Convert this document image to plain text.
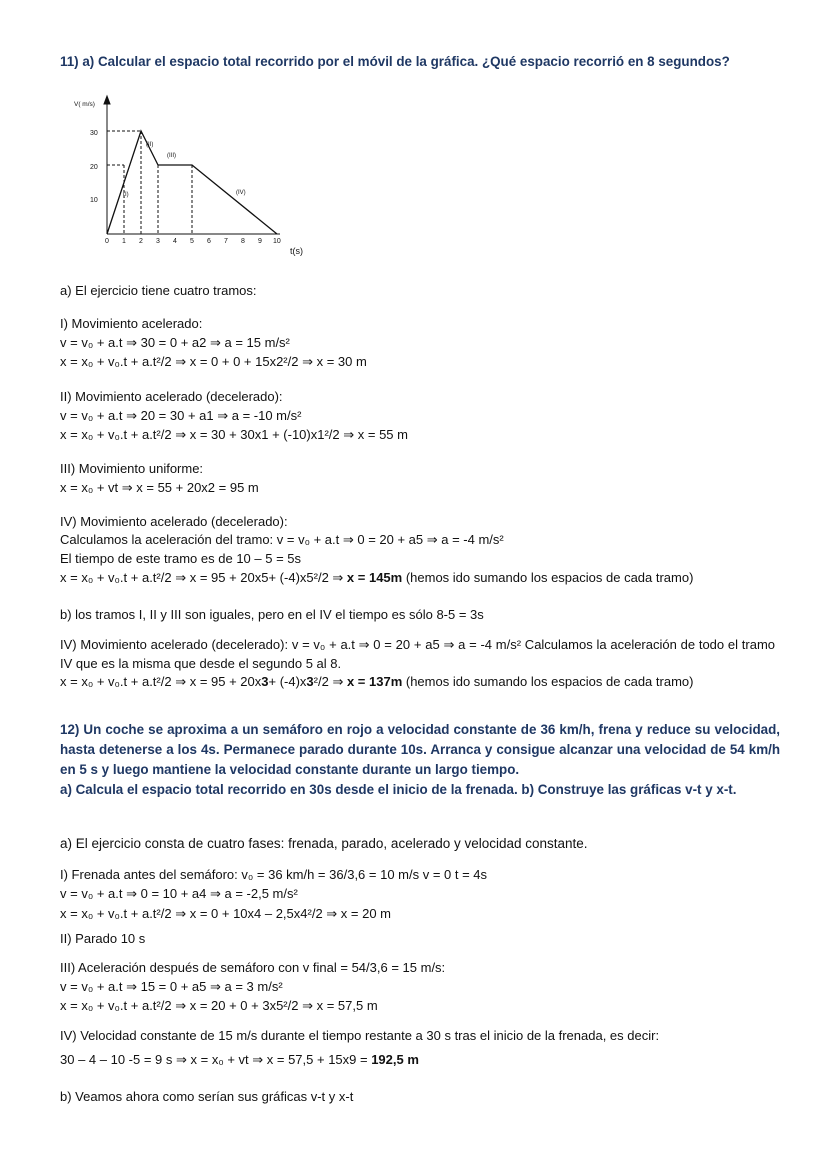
11) a) Calcular el espacio total recorrido por el móvil de la gráfica. ¿Qué espacio recorrió en 8 segundos?
30
20
10
V( m/s)
0 1 2 3 4 5 6 7 8 9 10
t(s)
(I)
(II)
(III)
(IV)
a) El ejercicio tiene cuatro tramos:
I) Movimiento acelerado:
v = v₀ + a.t ⇒ 30 = 0 + a2 ⇒ a = 15 m/s²
x = x₀ + v₀.t + a.t²/2 ⇒ x = 0 + 0 + 15x2²/2 ⇒ x = 30 m
II) Movimiento acelerado (decelerado):
v = v₀ + a.t ⇒ 20 = 30 + a1 ⇒ a = -10 m/s²
x = x₀ + v₀.t + a.t²/2 ⇒ x = 30 + 30x1 + (-10)x1²/2 ⇒ x = 55 m
III) Movimiento uniforme:
x = x₀ + vt ⇒ x = 55 + 20x2 = 95 m
IV) Movimiento acelerado (decelerado):
Calculamos la aceleración del tramo: v = v₀ + a.t ⇒ 0 = 20 + a5 ⇒ a = -4 m/s²
El tiempo de este tramo es de 10 – 5 = 5s
x = x₀ + v₀.t + a.t²/2 ⇒ x = 95 + 20x5+ (-4)x5²/2 ⇒ x = 145m (hemos ido sumando los espacios de cada tramo)
b) los tramos I, II y III son iguales, pero en el IV el tiempo es sólo 8-5 = 3s
IV) Movimiento acelerado (decelerado): v = v₀ + a.t ⇒ 0 = 20 + a5 ⇒ a = -4 m/s² Calculamos la aceleración de todo el tramo IV que es la misma que desde el segundo 5 al 8.
x = x₀ + v₀.t + a.t²/2 ⇒ x = 95 + 20x3+ (-4)x3²/2 ⇒ x = 137m (hemos ido sumando los espacios de cada tramo)
12) Un coche se aproxima a un semáforo en rojo a velocidad constante de 36 km/h, frena y reduce su velocidad, hasta detenerse a los 4s. Permanece parado durante 10s. Arranca y consigue alcanzar una velocidad de 54 km/h en 5 s y luego mantiene la velocidad constante durante un largo tiempo.
a) Calcula el espacio total recorrido en 30s desde el inicio de la frenada. b) Construye las gráficas v-t y x-t.
a) El ejercicio consta de cuatro fases: frenada, parado, acelerado y velocidad constante.
I) Frenada antes del semáforo: v₀ = 36 km/h = 36/3,6 = 10 m/s v = 0 t = 4s
v = v₀ + a.t ⇒ 0 = 10 + a4 ⇒ a = -2,5 m/s²
x = x₀ + v₀.t + a.t²/2 ⇒ x = 0 + 10x4 – 2,5x4²/2 ⇒ x = 20 m
II) Parado 10 s
III) Aceleración después de semáforo con v final = 54/3,6 = 15 m/s:
v = v₀ + a.t ⇒ 15 = 0 + a5 ⇒ a = 3 m/s²
x = x₀ + v₀.t + a.t²/2 ⇒ x = 20 + 0 + 3x5²/2 ⇒ x = 57,5 m
IV) Velocidad constante de 15 m/s durante el tiempo restante a 30 s tras el inicio de la frenada, es decir:
30 – 4 – 10 -5 = 9 s ⇒ x = x₀ + vt ⇒ x = 57,5 + 15x9 = 192,5 m
b) Veamos ahora como serían sus gráficas v-t y x-t
